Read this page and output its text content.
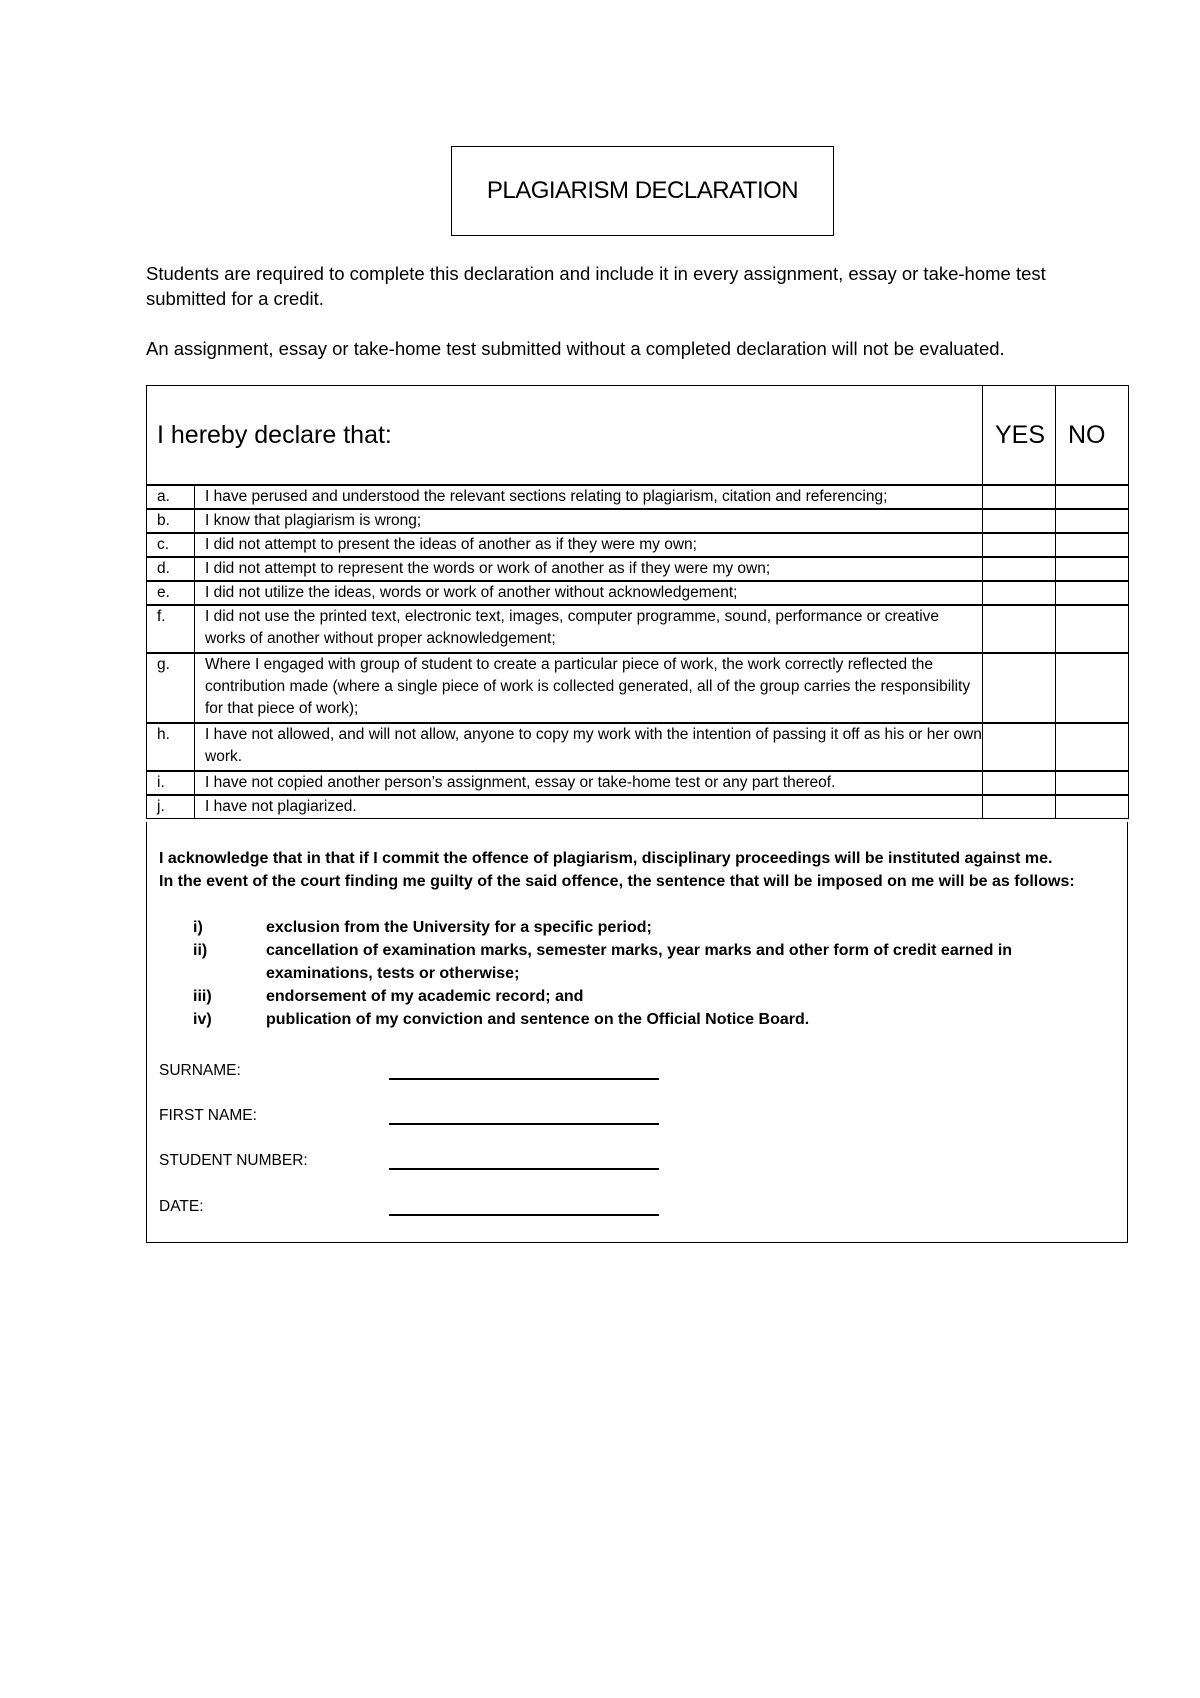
PLAGIARISM DECLARATION
Students are required to complete this declaration and include it in every assignment, essay or take-home test submitted for a credit.
An assignment, essay or take-home test submitted without a completed declaration will not be evaluated.
I hereby declare that:		YES	NO
a.	I have perused and understood the relevant sections relating to plagiarism, citation and referencing;		
b.	I know that plagiarism is wrong;		
c.	I did not attempt to present the ideas of another as if they were my own;		
d.	I did not attempt to represent the words or work of another as if they were my own;		
e.	I did not utilize the ideas, words or work of another without acknowledgement;		
f.	I did not use the printed text, electronic text, images, computer programme, sound, performance or creative works of another without proper acknowledgement;		
g.	Where I engaged with group of student to create a particular piece of work, the work correctly reflected the contribution made (where a single piece of work is collected generated, all of the group carries the responsibility for that piece of work);		
h.	I have not allowed, and will not allow, anyone to copy my work with the intention of passing it off as his or her own work.		
i.	I have not copied another person’s assignment, essay or take-home test or any part thereof.		
j.	I have not plagiarized.		
I acknowledge that in that if I commit the offence of plagiarism, disciplinary proceedings will be instituted against me.
In the event of the court finding me guilty of the said offence, the sentence that will be imposed on me will be as follows:
i)	exclusion from the University for a specific period;
ii)	cancellation of examination marks, semester marks, year marks and other form of credit earned in examinations, tests or otherwise;
iii)	endorsement of my academic record; and
iv)	publication of my conviction and sentence on the Official Notice Board.
SURNAME:
FIRST NAME:
STUDENT NUMBER:
DATE:
